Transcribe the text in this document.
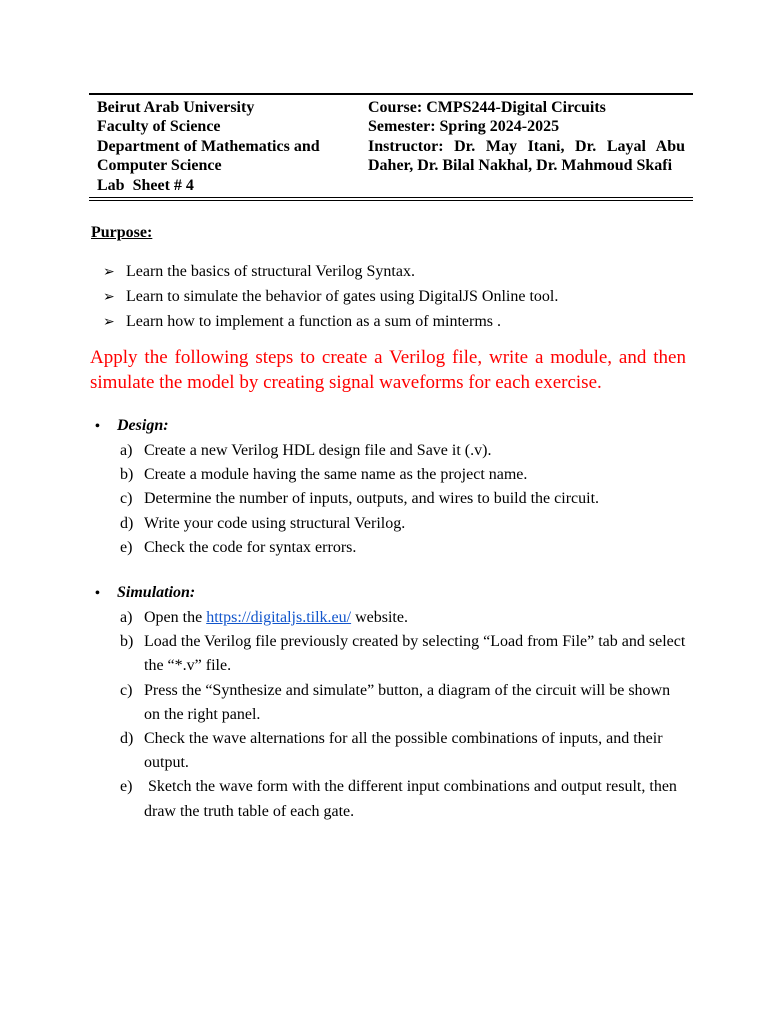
Beirut Arab University
Faculty of Science
Department of Mathematics and
Computer Science
Lab  Sheet # 4
Course: CMPS244-Digital Circuits
Semester: Spring 2024-2025
Instructor: Dr. May Itani, Dr. Layal Abu Daher, Dr. Bilal Nakhal, Dr. Mahmoud Skafi
Purpose:
➢ Learn the basics of structural Verilog Syntax.
➢ Learn to simulate the behavior of gates using DigitalJS Online tool.
➢ Learn how to implement a function as a sum of minterms .
Apply the following steps to create a Verilog file, write a module, and then simulate the model by creating signal waveforms for each exercise.
•	Design:
a) Create a new Verilog HDL design file and Save it (.v).
b) Create a module having the same name as the project name.
c) Determine the number of inputs, outputs, and wires to build the circuit.
d) Write your code using structural Verilog.
e) Check the code for syntax errors.
•	Simulation:
a) Open the https://digitaljs.tilk.eu/ website.
b) Load the Verilog file previously created by selecting “Load from File” tab and select the “*.v” file.
c) Press the “Synthesize and simulate” button, a diagram of the circuit will be shown on the right panel.
d) Check the wave alternations for all the possible combinations of inputs, and their output.
e) Sketch the wave form with the different input combinations and output result, then draw the truth table of each gate.
